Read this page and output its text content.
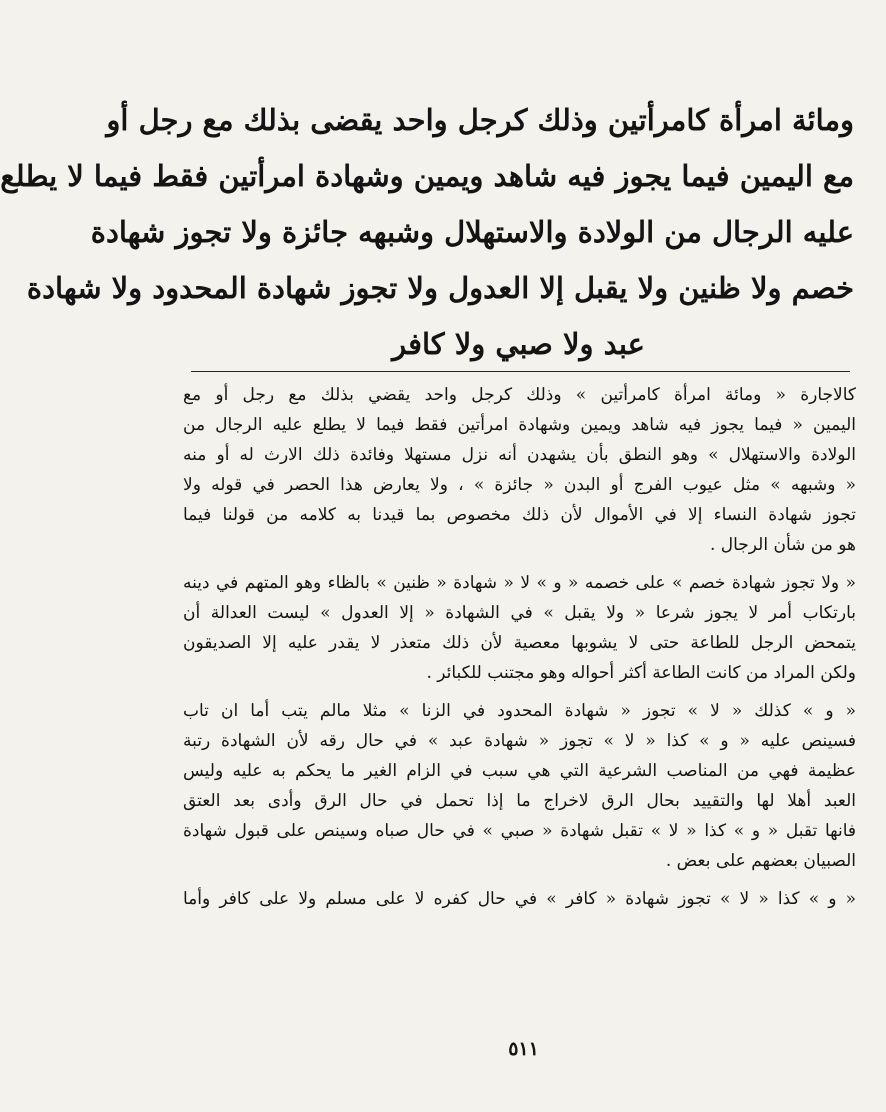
ومائة امرأة كامرأتين وذلك كرجل واحد يقضى بذلك مع رجل أو
مع اليمين فيما يجوز فيه شاهد ويمين وشهادة امرأتين فقط فيما لا يطلع
عليه الرجال من الولادة والاستهلال وشبهه جائزة ولا تجوز شهادة
خصم ولا ظنين ولا يقبل إلا العدول ولا تجوز شهادة المحدود ولا شهادة
عبد ولا صبي ولا كافر
كالاجارة « ومائة امرأة كامرأتين » وذلك كرجل واحد يقضي بذلك مع رجل أو مع
اليمين « فيما يجوز فيه شاهد ويمين وشهادة امرأتين فقط فيما لا يطلع عليه الرجال من
الولادة والاستهلال » وهو النطق بأن يشهدن أنه نزل مستهلا وفائدة ذلك الارث له أو منه
« وشبهه » مثل عيوب الفرج أو البدن « جائزة » ، ولا يعارض هذا الحصر في قوله ولا
تجوز شهادة النساء إلا في الأموال لأن ذلك مخصوص بما قيدنا به كلامه من قولنا فيما
هو من شأن الرجال .
« ولا تجوز شهادة خصم » على خصمه « و » لا « شهادة « ظنين » بالظاء وهو المتهم في دينه
بارتكاب أمر لا يجوز شرعا « ولا يقبل » في الشهادة « إلا العدول » ليست العدالة أن
يتمحض الرجل للطاعة حتى لا يشوبها معصية لأن ذلك متعذر لا يقدر عليه إلا الصديقون
ولكن المراد من كانت الطاعة أكثر أحواله وهو مجتنب للكبائر .
« و » كذلك « لا » تجوز « شهادة المحدود في الزنا » مثلا مالم يتب أما ان تاب
فسينص عليه « و » كذا « لا » تجوز « شهادة عبد » في حال رقه لأن الشهادة رتبة
عظيمة فهي من المناصب الشرعية التي هي سبب في الزام الغير ما يحكم به عليه وليس
العبد أهلا لها والتقييد بحال الرق لاخراج ما إذا تحمل في حال الرق وأدى بعد العتق
فانها تقبل « و » كذا « لا » تقبل شهادة « صبي » في حال صباه وسينص على قبول شهادة
الصبيان بعضهم على بعض .
« و » كذا « لا » تجوز شهادة « كافر » في حال كفره لا على مسلم ولا على كافر وأما
٥١١
